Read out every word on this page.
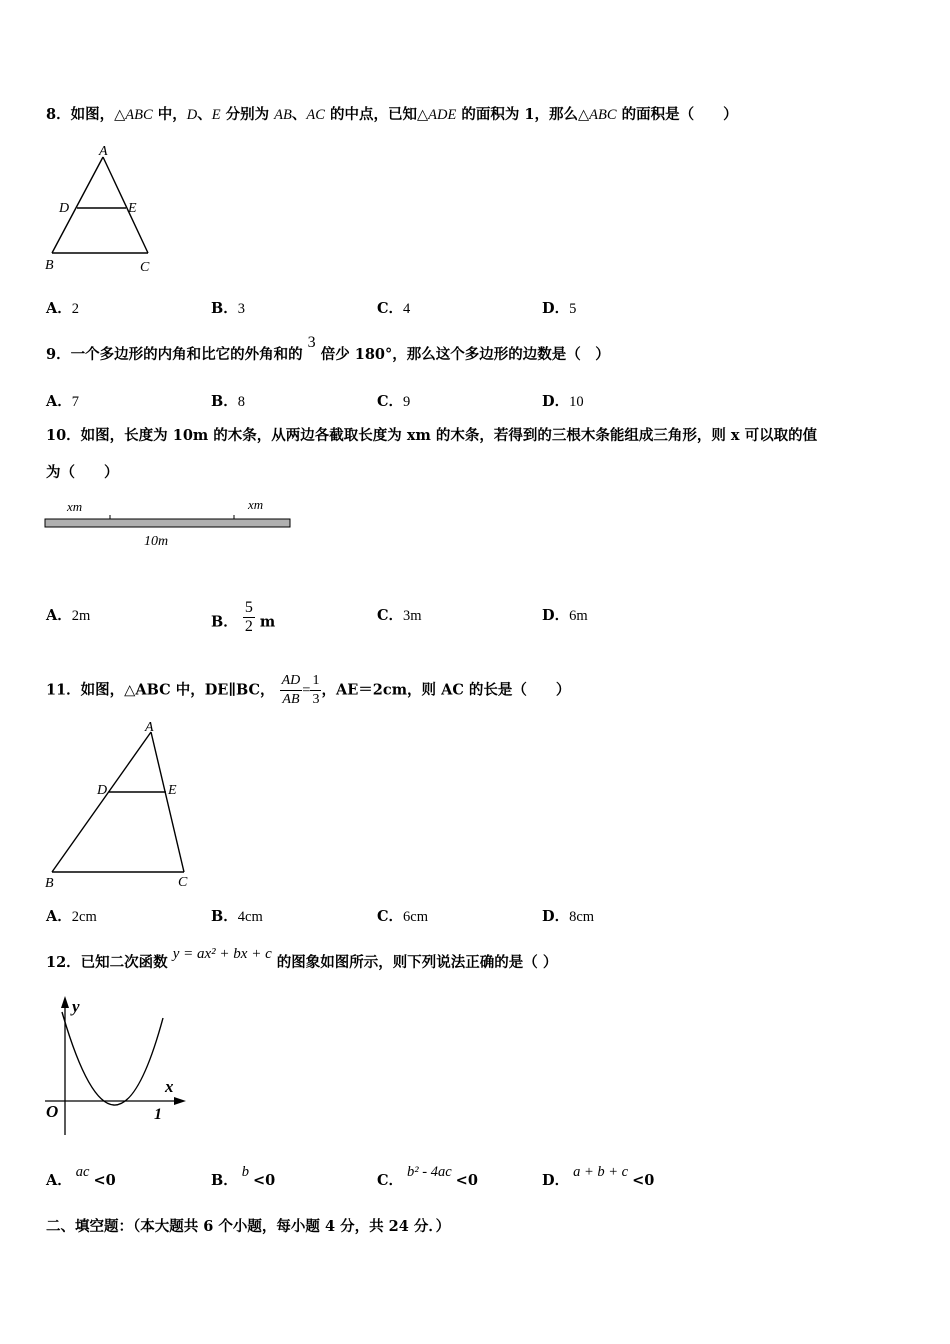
8．如图，△ABC 中，D、E 分别为 AB、AC 的中点，已知△ADE 的面积为 1，那么△ABC 的面积是（　　）
A
D	E
B	C
A．2	B．3	C．4	D．5
9．一个多边形的内角和比它的外角和的 3 倍少 180°，那么这个多边形的边数是（　）
A．7	B．8	C．9	D．10
10．如图，长度为 10m 的木条，从两边各截取长度为 xm 的木条，若得到的三根木条能组成三角形，则 x 可以取的值
为（　　）
xm	xm
10m
A．2m	B． $\frac{5}{2}$ m	C．3m	D．6m
11．如图，△ABC 中，DE∥BC， $\frac{AD}{AB} = \frac{1}{3}$ ，AE＝2cm，则 AC 的长是（　　）
A
D	E
B	C
A．2cm	B．4cm	C．6cm	D．8cm
12．已知二次函数 y = ax² + bx + c 的图象如图所示，则下列说法正确的是（ ）
y
x
O	1
A． ac <0	B． b <0	C． b² - 4ac <0	D． a + b + c <0
二、填空题：（本大题共 6 个小题，每小题 4 分，共 24 分．）
